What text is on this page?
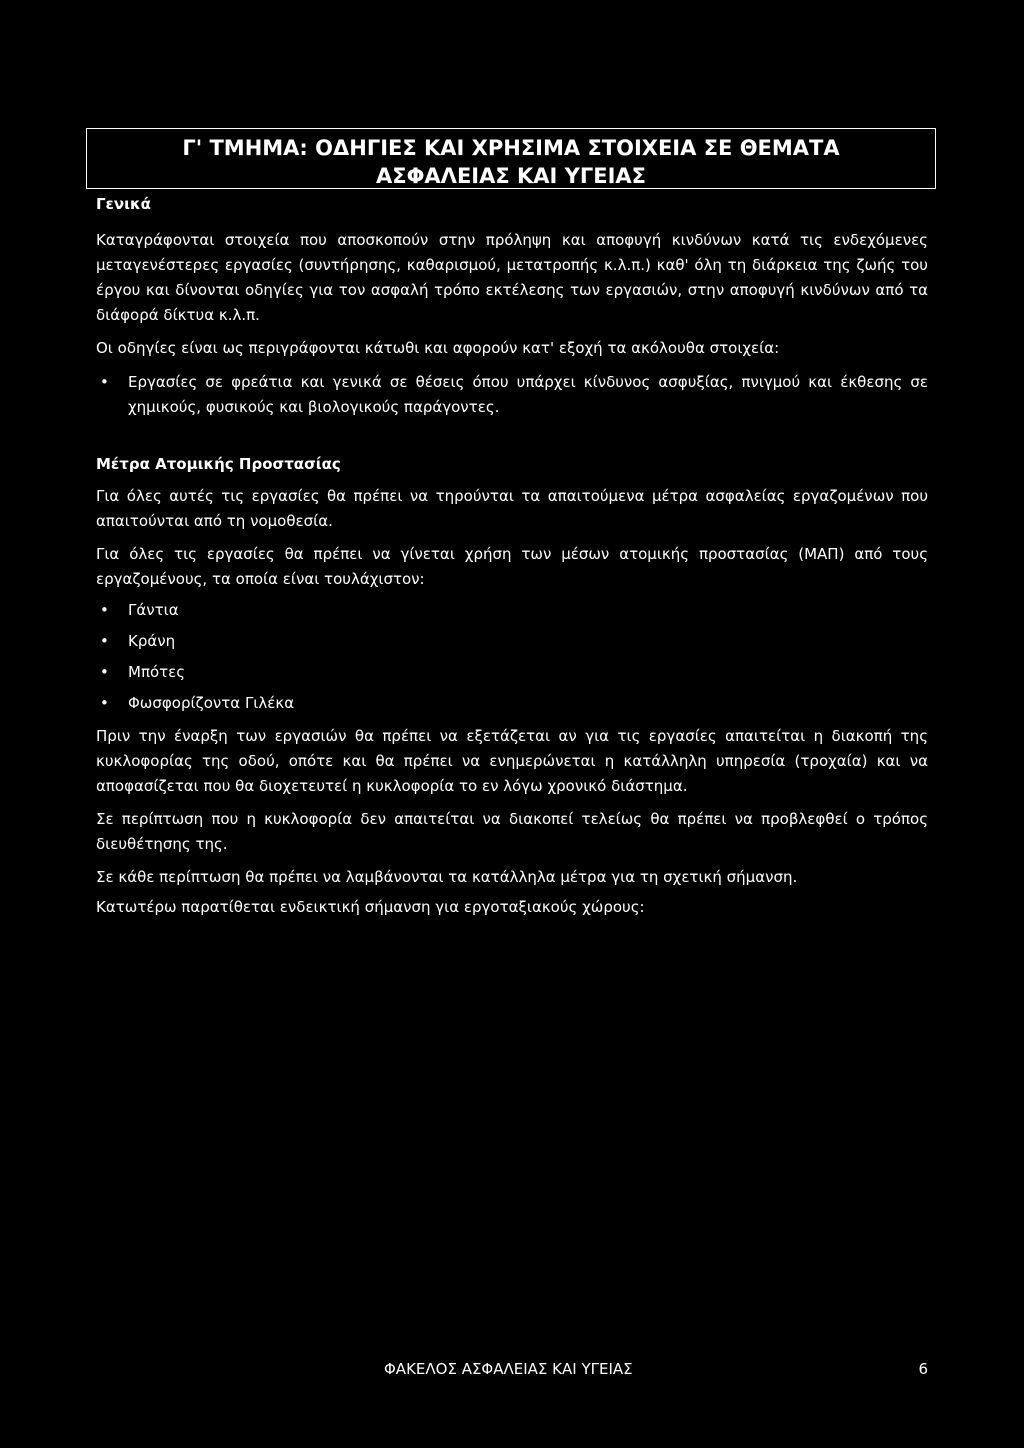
Γ' ΤΜΗΜΑ: ΟΔΗΓΙΕΣ ΚΑΙ ΧΡΗΣΙΜΑ ΣΤΟΙΧΕΙΑ ΣΕ ΘΕΜΑΤΑ
ΑΣΦΑΛΕΙΑΣ ΚΑΙ ΥΓΕΙΑΣ
Γενικά

Καταγράφονται στοιχεία που αποσκοπούν στην πρόληψη και αποφυγή κινδύνων κατά τις ενδεχόμενες μεταγενέστερες εργασίες (συντήρησης, καθαρισμού, μετατροπής κ.λ.π.) καθ' όλη τη διάρκεια της ζωής του έργου και δίνονται οδηγίες για τον ασφαλή τρόπο εκτέλεσης των εργασιών, στην αποφυγή κινδύνων από τα διάφορά δίκτυα κ.λ.π.

Οι οδηγίες είναι ως περιγράφονται κάτωθι και αφορούν κατ' εξοχή τα ακόλουθα στοιχεία:

• Εργασίες σε φρεάτια και γενικά σε θέσεις όπου υπάρχει κίνδυνος ασφυξίας, πνιγμού και έκθεσης σε χημικούς, φυσικούς και βιολογικούς παράγοντες.
Μέτρα Ατομικής Προστασίας

Για όλες αυτές τις εργασίες θα πρέπει να τηρούνται τα απαιτούμενα μέτρα ασφαλείας εργαζομένων που απαιτούνται από τη νομοθεσία.

Για όλες τις εργασίες θα πρέπει να γίνεται χρήση των μέσων ατομικής προστασίας (ΜΑΠ) από τους εργαζομένους, τα οποία είναι τουλάχιστον:

• Γάντια
• Κράνη
• Μπότες
• Φωσφορίζοντα Γιλέκα

Πριν την έναρξη των εργασιών θα πρέπει να εξετάζεται αν για τις εργασίες απαιτείται η διακοπή της κυκλοφορίας της οδού, οπότε και θα πρέπει να ενημερώνεται η κατάλληλη υπηρεσία (τροχαία) και να αποφασίζεται που θα διοχετευτεί η κυκλοφορία το εν λόγω χρονικό διάστημα.

Σε περίπτωση που η κυκλοφορία δεν απαιτείται να διακοπεί τελείως θα πρέπει να προβλεφθεί ο τρόπος διευθέτησης της.

Σε κάθε περίπτωση θα πρέπει να λαμβάνονται τα κατάλληλα μέτρα για τη σχετική σήμανση.

Κατωτέρω παρατίθεται ενδεικτική σήμανση για εργοταξιακούς χώρους:

ΦΑΚΕΛΟΣ ΑΣΦΑΛΕΙΑΣ ΚΑΙ ΥΓΕΙΑΣ	6
